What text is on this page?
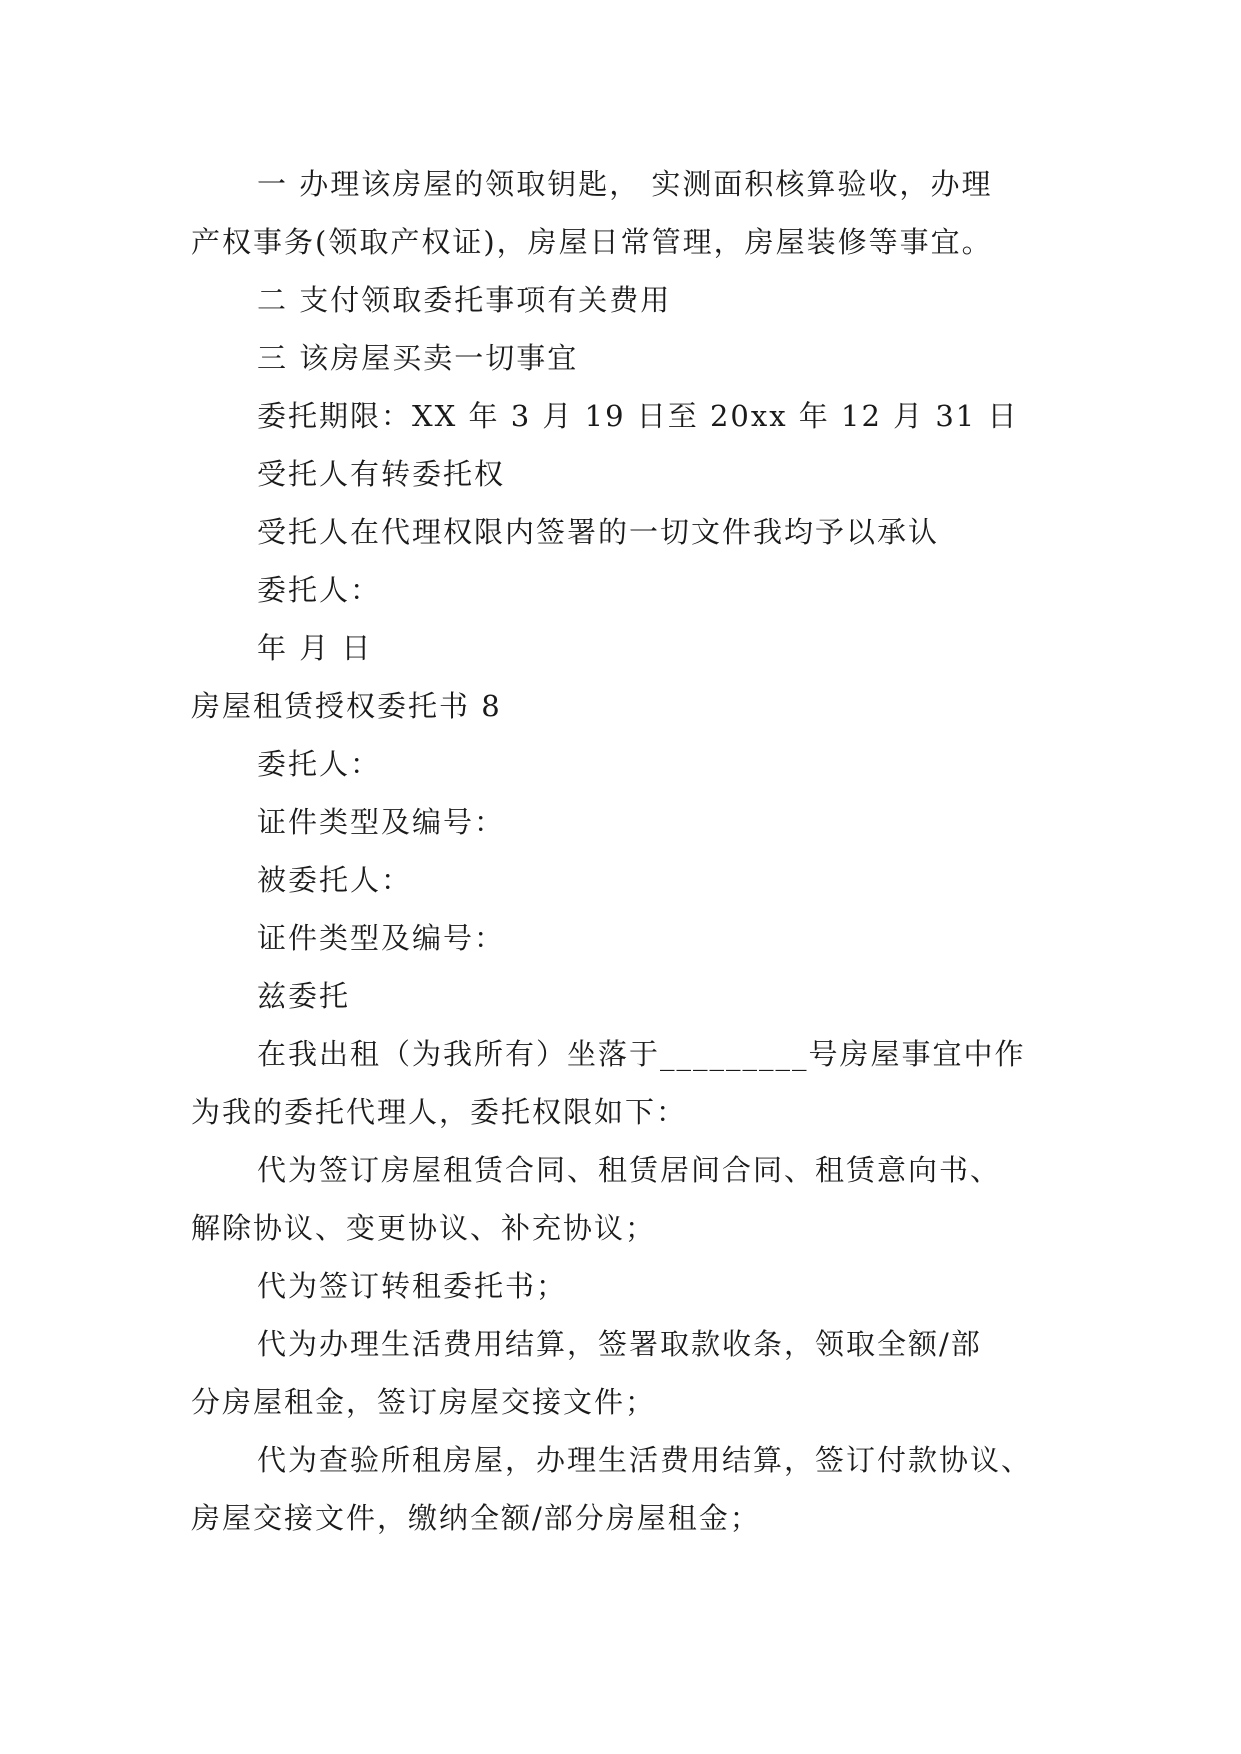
一 办理该房屋的领取钥匙， 实测面积核算验收，办理
产权事务(领取产权证)，房屋日常管理，房屋装修等事宜。
二 支付领取委托事项有关费用
三 该房屋买卖一切事宜
委托期限：XX 年 3 月 19 日至 20xx 年 12 月 31 日
受托人有转委托权
受托人在代理权限内签署的一切文件我均予以承认
委托人：
年 月 日
房屋租赁授权委托书 8
委托人：
证件类型及编号：
被委托人：
证件类型及编号：
兹委托
在我出租（为我所有）坐落于_________号房屋事宜中作
为我的委托代理人，委托权限如下：
代为签订房屋租赁合同、租赁居间合同、租赁意向书、
解除协议、变更协议、补充协议；
代为签订转租委托书；
代为办理生活费用结算，签署取款收条，领取全额/部
分房屋租金，签订房屋交接文件；
代为查验所租房屋，办理生活费用结算，签订付款协议、
房屋交接文件，缴纳全额/部分房屋租金；
